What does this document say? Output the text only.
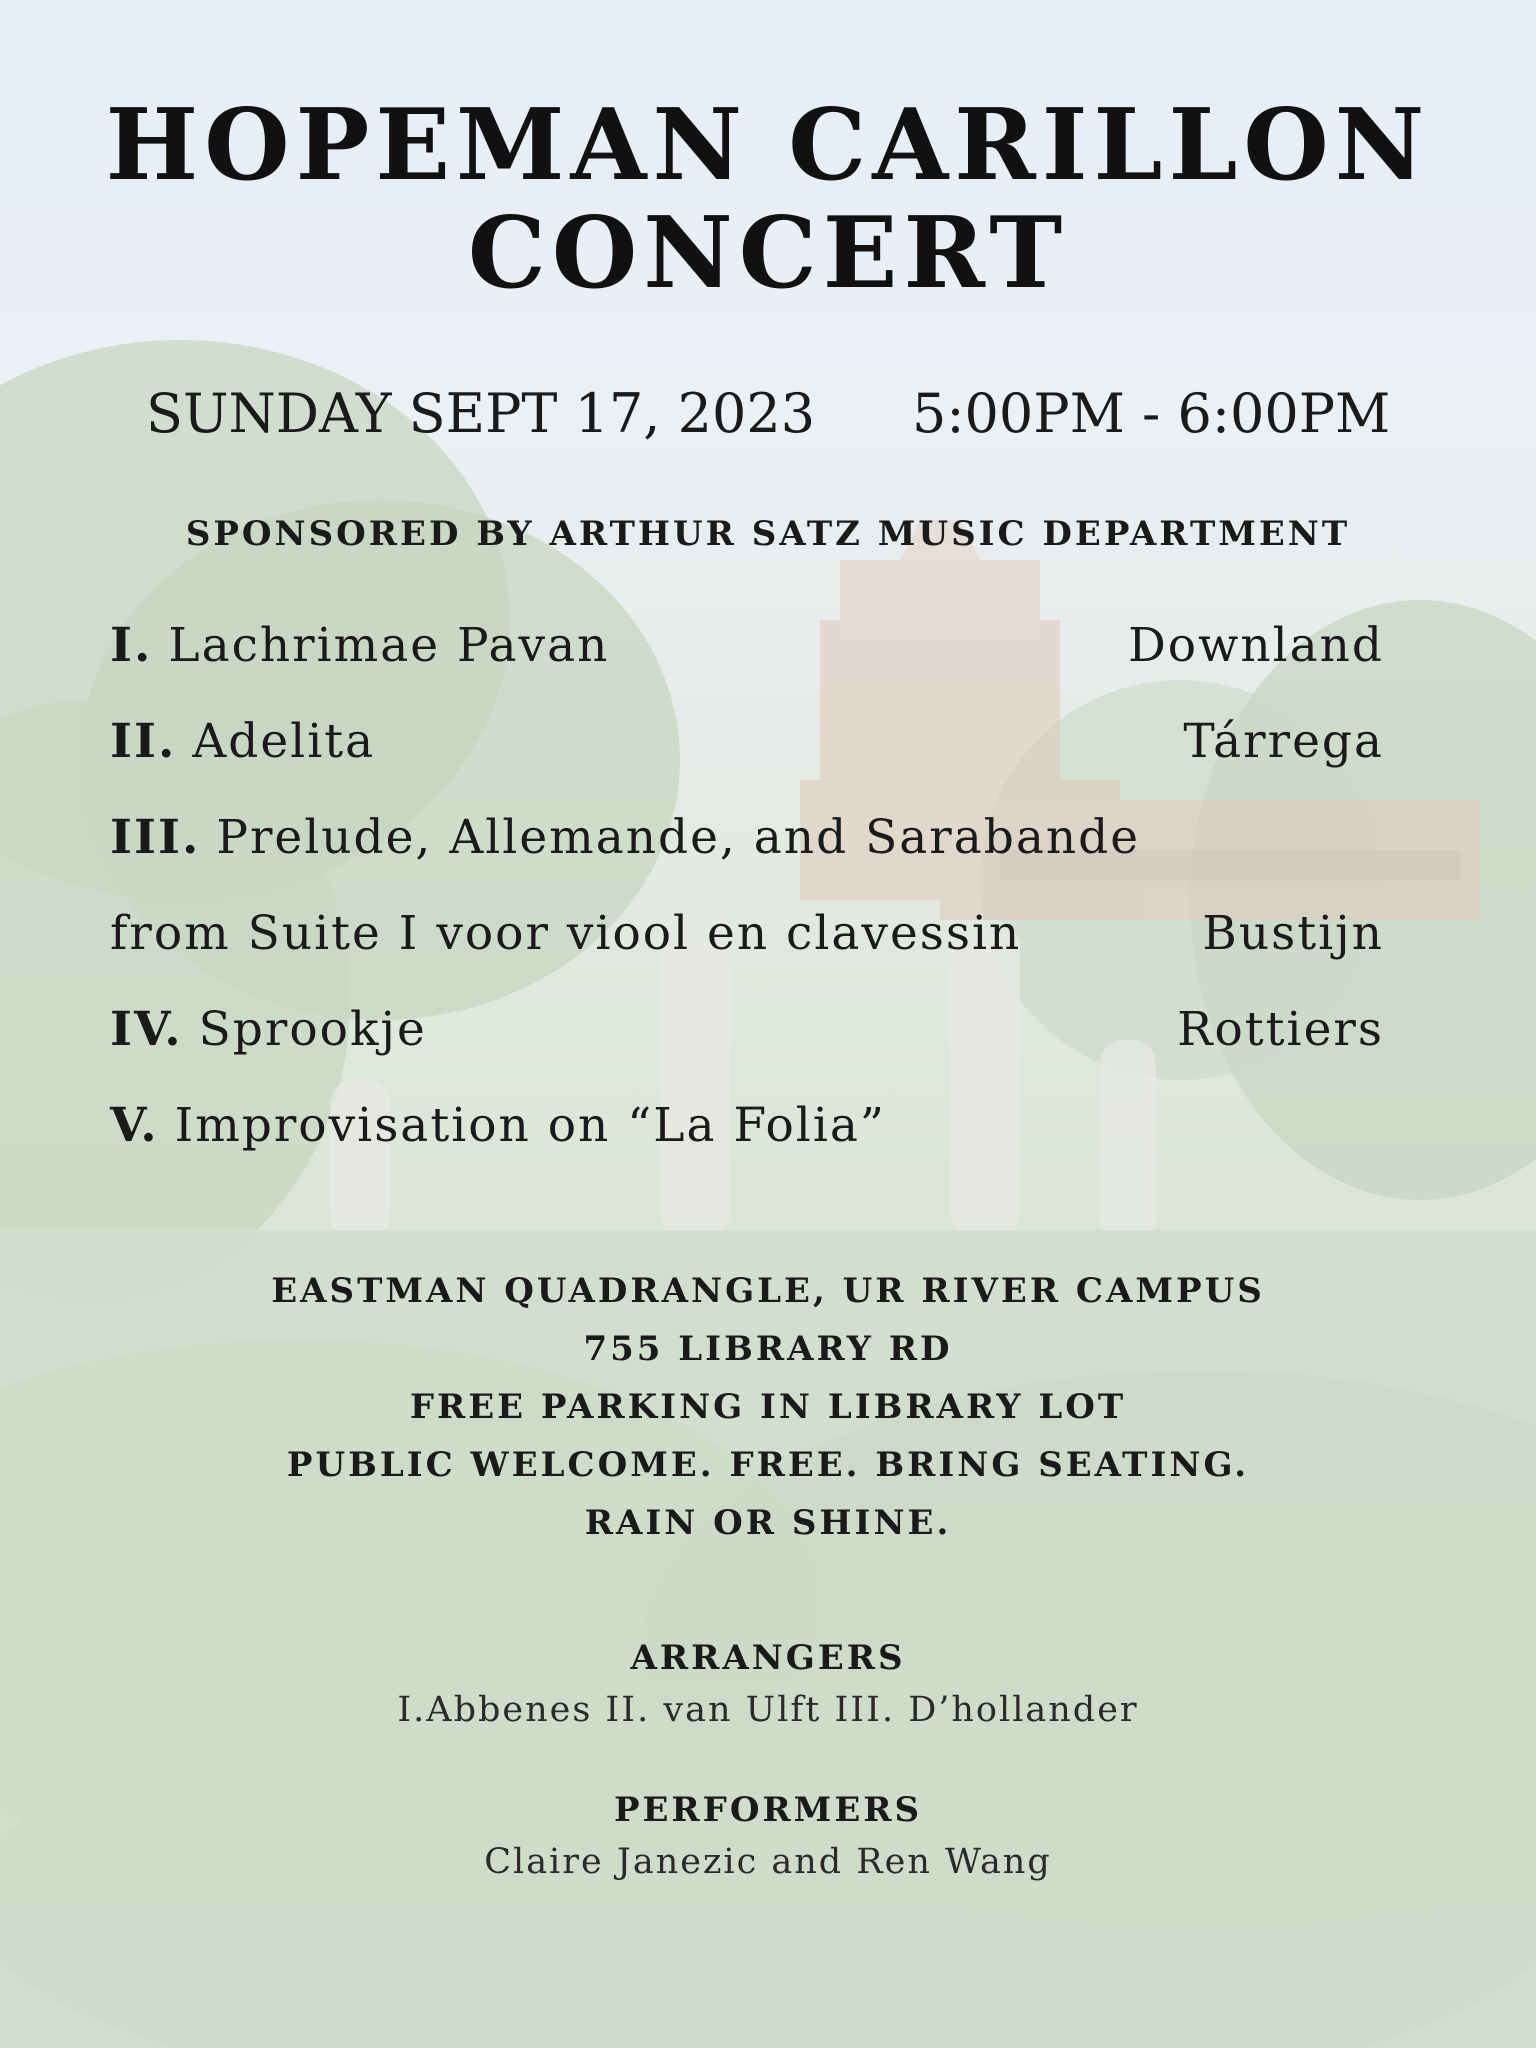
HOPEMAN CARILLON
CONCERT
SUNDAY SEPT 17, 2023 5:00PM - 6:00PM
SPONSORED BY ARTHUR SATZ MUSIC DEPARTMENT
I. Lachrimae Pavan	Downland
II. Adelita	Tárrega
III. Prelude, Allemande, and Sarabande
from Suite I voor viool en clavessin	Bustijn
IV. Sprookje	Rottiers
V. Improvisation on “La Folia”
EASTMAN QUADRANGLE, UR RIVER CAMPUS
755 LIBRARY RD
FREE PARKING IN LIBRARY LOT
PUBLIC WELCOME. FREE. BRING SEATING.
RAIN OR SHINE.
ARRANGERS
I.Abbenes II. van Ulft III. D’hollander
PERFORMERS
Claire Janezic and Ren Wang
